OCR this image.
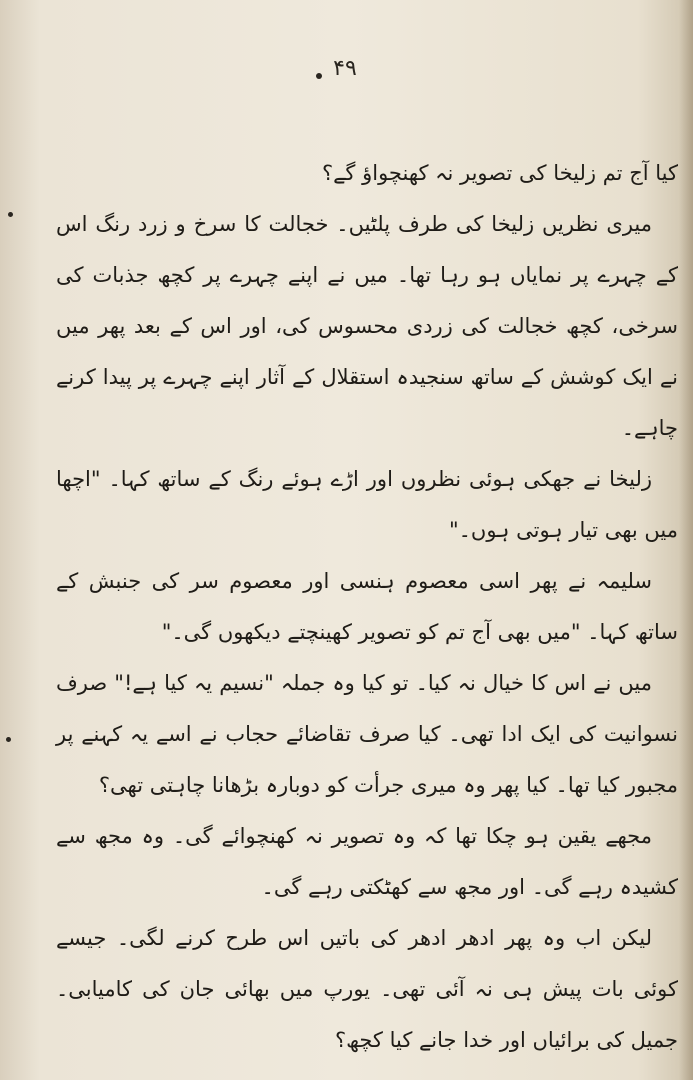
۴۹

کیا آج تم زلیخا کی تصویر نہ کھنچواؤ گے؟

میری نظریں زلیخا کی طرف پلٹیں۔ خجالت کا سرخ و زرد رنگ اس کے چہرے پر نمایاں ہو رہا تھا۔ میں نے اپنے چہرے پر کچھ جذبات کی سرخی، کچھ خجالت کی زردی محسوس کی، اور اس کے بعد پھر میں نے ایک کوشش کے ساتھ سنجیدہ استقلال کے آثار اپنے چہرے پر پیدا کرنے چاہے۔

زلیخا نے جھکی ہوئی نظروں اور اڑے ہوئے رنگ کے ساتھ کہا۔ "اچھا میں بھی تیار ہوتی ہوں۔"

سلیمہ نے پھر اسی معصوم ہنسی اور معصوم سر کی جنبش کے ساتھ کہا۔ "میں بھی آج تم کو تصویر کھینچتے دیکھوں گی۔"

میں نے اس کا خیال نہ کیا۔ تو کیا وہ جملہ "نسیم یہ کیا ہے!" صرف نسوانیت کی ایک ادا تھی۔ کیا صرف تقاضائے حجاب نے اسے یہ کہنے پر مجبور کیا تھا۔ کیا پھر وہ میری جرأت کو دوبارہ بڑھانا چاہتی تھی؟

مجھے یقین ہو چکا تھا کہ وہ تصویر نہ کھنچوائے گی۔ وہ مجھ سے کشیدہ رہے گی۔ اور مجھ سے کھٹکتی رہے گی۔

لیکن اب وہ پھر ادھر ادھر کی باتیں اس طرح کرنے لگی۔ جیسے کوئی بات پیش ہی نہ آئی تھی۔ یورپ میں بھائی جان کی کامیابی۔ جمیل کی برائیاں اور خدا جانے کیا کچھ؟
